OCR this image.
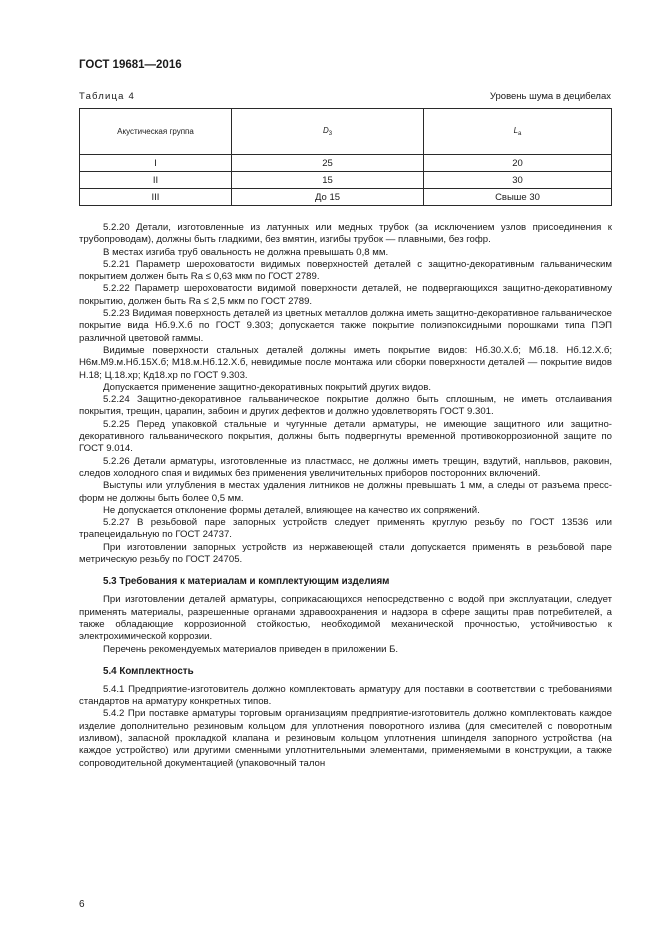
ГОСТ 19681—2016
Таблица 4	Уровень шума в децибелах
Акустическая группа	$D_3$	$L_a$
I	25	20
II	15	30
III	До 15	Свыше 30

5.2.20 Детали, изготовленные из латунных или медных трубок (за исключением узлов присоединения к трубопроводам), должны быть гладкими, без вмятин, изгибы трубок — плавными, без гофр.

В местах изгиба труб овальность не должна превышать 0,8 мм.

5.2.21 Параметр шероховатости видимых поверхностей деталей с защитно-декоративным гальваническим покрытием должен быть Ra ≤ 0,63 мкм по ГОСТ 2789.

5.2.22 Параметр шероховатости видимой поверхности деталей, не подвергающихся защитно-декоративному покрытию, должен быть Ra ≤ 2,5 мкм по ГОСТ 2789.

5.2.23 Видимая поверхность деталей из цветных металлов должна иметь защитно-декоративное гальваническое покрытие вида Нб.9.Х.б по ГОСТ 9.303; допускается также покрытие полиэпоксидными порошками типа ПЭП различной цветовой гаммы.

Видимые поверхности стальных деталей должны иметь покрытие видов: Нб.30.Х.б; Мб.18. Нб.12.Х.б; Н6м.М9.м.Нб.15Х.б; М18.м.Нб.12.Х.б, невидимые после монтажа или сборки поверхности деталей — покрытие видов Н.18; Ц.18.хр; Кд18.хр по ГОСТ 9.303.

Допускается применение защитно-декоративных покрытий других видов.

5.2.24 Защитно-декоративное гальваническое покрытие должно быть сплошным, не иметь отслаивания покрытия, трещин, царапин, забоин и других дефектов и должно удовлетворять ГОСТ 9.301.

5.2.25 Перед упаковкой стальные и чугунные детали арматуры, не имеющие защитного или защитно-декоративного гальванического покрытия, должны быть подвергнуты временной противокоррозионной защите по ГОСТ 9.014.

5.2.26 Детали арматуры, изготовленные из пластмасс, не должны иметь трещин, вздутий, напльвов, раковин, следов холодного спая и видимых без применения увеличительных приборов посторонних включений.

Выступы или углубления в местах удаления литников не должны превышать 1 мм, а следы от разъема пресс-форм не должны быть более 0,5 мм.

Не допускается отклонение формы деталей, влияющее на качество их сопряжений.

5.2.27 В резьбовой паре запорных устройств следует применять круглую резьбу по ГОСТ 13536 или трапецеидальную по ГОСТ 24737.

При изготовлении запорных устройств из нержавеющей стали допускается применять в резьбовой паре метрическую резьбу по ГОСТ 24705.

5.3 Требования к материалам и комплектующим изделиям

При изготовлении деталей арматуры, соприкасающихся непосредственно с водой при эксплуатации, следует применять материалы, разрешенные органами здравоохранения и надзора в сфере защиты прав потребителей, а также обладающие коррозионной стойкостью, необходимой механической прочностью, устойчивостью к электрохимической коррозии.

Перечень рекомендуемых материалов приведен в приложении Б.

5.4 Комплектность

5.4.1 Предприятие-изготовитель должно комплектовать арматуру для поставки в соответствии с требованиями стандартов на арматуру конкретных типов.

5.4.2 При поставке арматуры торговым организациям предприятие-изготовитель должно комплектовать каждое изделие дополнительно резиновым кольцом для уплотнения поворотного излива (для смесителей с поворотным изливом), запасной прокладкой клапана и резиновым кольцом уплотнения шпинделя запорного устройства (на каждое устройство) или другими сменными уплотнительными элементами, применяемыми в конструкции, а также сопроводительной документацией (упаковочный талон

6
